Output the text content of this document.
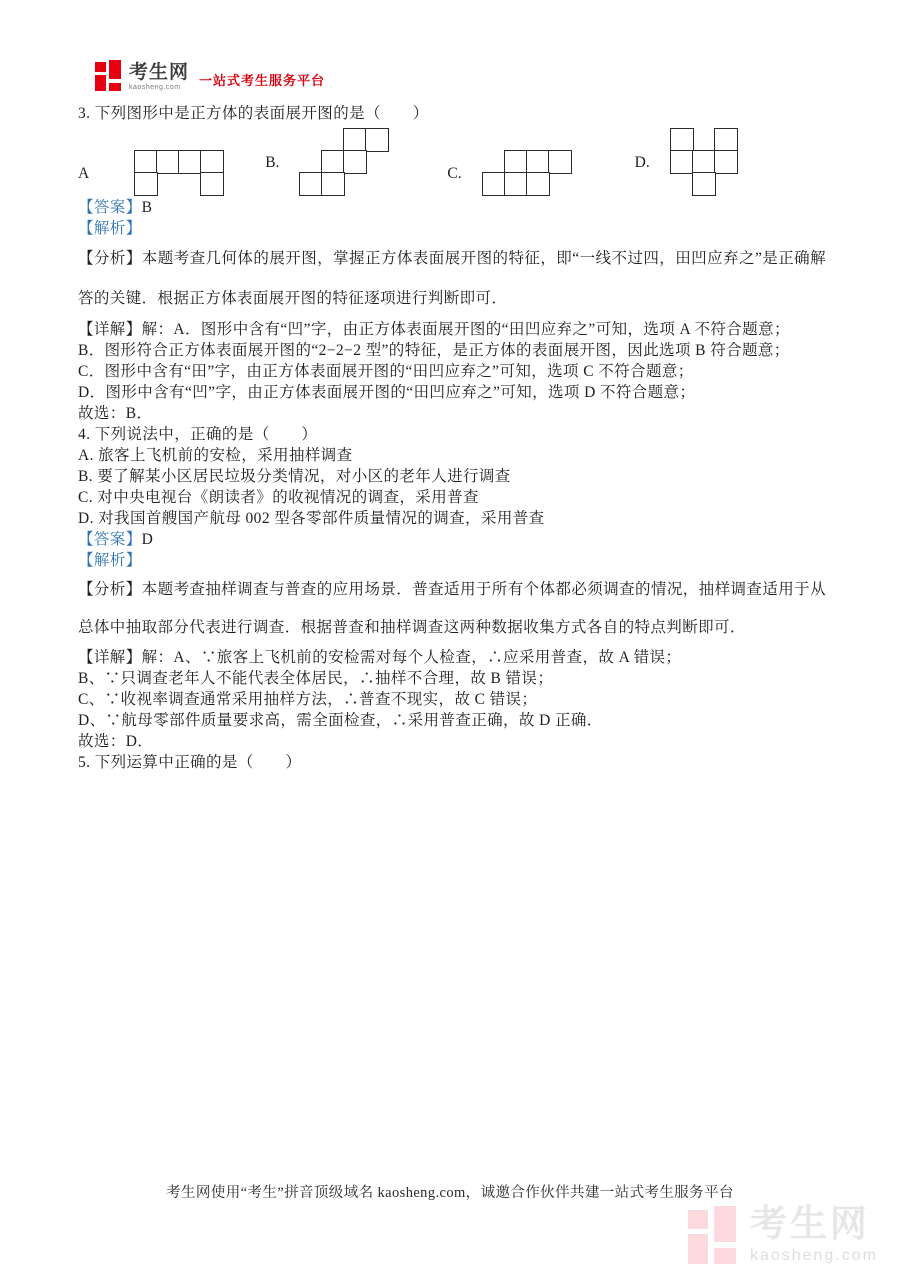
考生网
kaosheng.com	一站式考生服务平台

3. 下列图形中是正方体的表面展开图的是（　　）

A
B.
C.
D.

【答案】B

【解析】

【分析】本题考查几何体的展开图，掌握正方体表面展开图的特征，即“一线不过四，田凹应弃之”是正确解答的关键．根据正方体表面展开图的特征逐项进行判断即可．

【详解】解：A．图形中含有“凹”字，由正方体表面展开图的“田凹应弃之”可知，选项 A 不符合题意；

B．图形符合正方体表面展开图的“2−2−2 型”的特征，是正方体的表面展开图，因此选项 B 符合题意；

C．图形中含有“田”字，由正方体表面展开图的“田凹应弃之”可知，选项 C 不符合题意；

D．图形中含有“凹”字，由正方体表面展开图的“田凹应弃之”可知，选项 D 不符合题意；

故选：B．

4. 下列说法中，正确的是（　　）

A. 旅客上飞机前的安检，采用抽样调查

B. 要了解某小区居民垃圾分类情况，对小区的老年人进行调查

C. 对中央电视台《朗读者》的收视情况的调查，采用普查

D. 对我国首艘国产航母 002 型各零部件质量情况的调查，采用普查

【答案】D

【解析】

【分析】本题考查抽样调查与普查的应用场景．普查适用于所有个体都必须调查的情况，抽样调查适用于从总体中抽取部分代表进行调查．根据普查和抽样调查这两种数据收集方式各自的特点判断即可．

【详解】解：A、∵旅客上飞机前的安检需对每个人检查，∴应采用普查，故 A 错误；

B、∵只调查老年人不能代表全体居民，∴抽样不合理，故 B 错误；

C、∵收视率调查通常采用抽样方法，∴普查不现实，故 C 错误；

D、∵航母零部件质量要求高，需全面检查，∴采用普查正确，故 D 正确．

故选：D．

5. 下列运算中正确的是（　　）

考生网使用“考生”拼音顶级域名 kaosheng.com，诚邀合作伙伴共建一站式考生服务平台
考生网
kaosheng.com
